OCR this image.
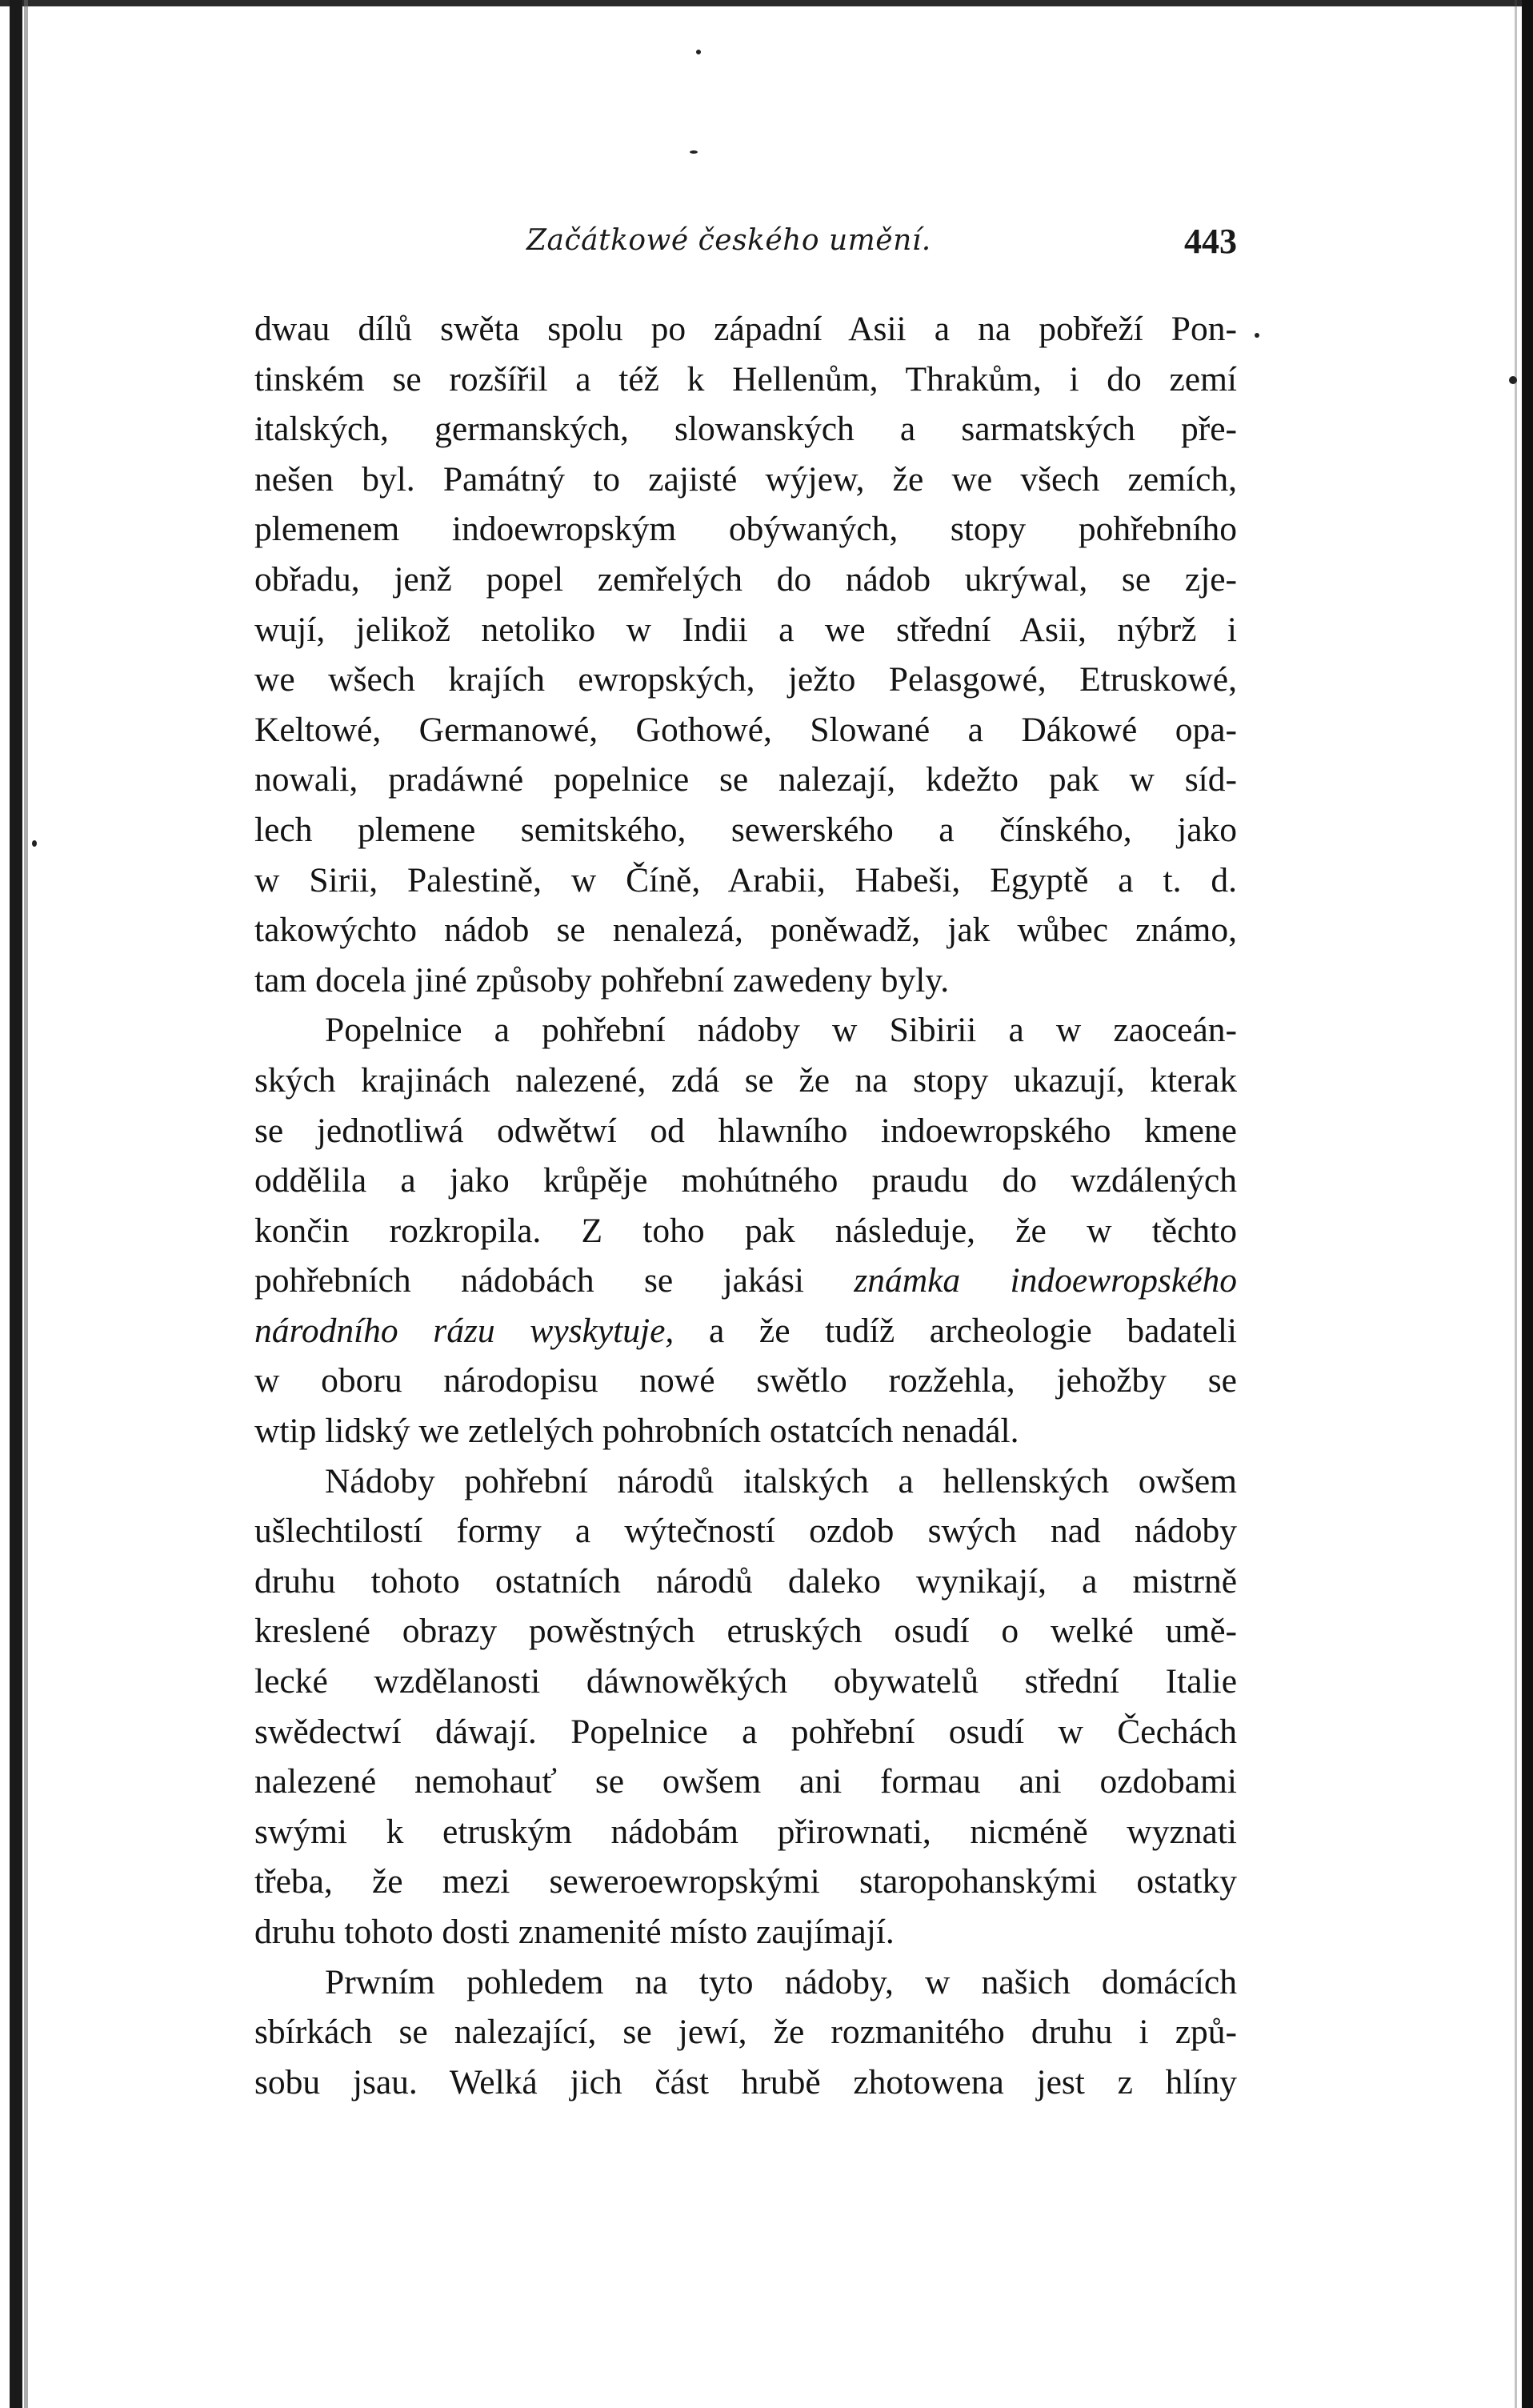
Začátkowé českého umění.	443
dwau dílů swěta spolu po západní Asii a na pobřeží Pon-
tinském se rozšířil a též k Hellenům, Thrakům, i do zemí
italských, germanských, slowanských a sarmatských pře-
nešen byl. Památný to zajisté wýjew, že we všech zemích,
plemenem indoewropským obýwaných, stopy pohřebního
obřadu, jenž popel zemřelých do nádob ukrýwal, se zje-
wují, jelikož netoliko w Indii a we střední Asii, nýbrž i
we wšech krajích ewropských, ježto Pelasgowé, Etruskowé,
Keltowé, Germanowé, Gothowé, Slowané a Dákowé opa-
nowali, pradáwné popelnice se nalezají, kdežto pak w síd-
lech plemene semitského, sewerského a čínského, jako
w Sirii, Palestině, w Číně, Arabii, Habeši, Egyptě a t. d.
takowýchto nádob se nenalezá, poněwadž, jak wůbec známo,
tam docela jiné způsoby pohřební zawedeny byly.
Popelnice a pohřební nádoby w Sibirii a w zaoceán-
ských krajinách nalezené, zdá se že na stopy ukazují, kterak
se jednotliwá odwětwí od hlawního indoewropského kmene
oddělila a jako krůpěje mohútného praudu do wzdálených
končin rozkropila. Z toho pak následuje, že w těchto
pohřebních nádobách se jakási známka indoewropského
národního rázu wyskytuje, a že tudíž archeologie badateli
w oboru národopisu nowé swětlo rozžehla, jehožby se
wtip lidský we zetlelých pohrobních ostatcích nenadál.
Nádoby pohřební národů italských a hellenských owšem
ušlechtilostí formy a wýtečností ozdob swých nad nádoby
druhu tohoto ostatních národů daleko wynikají, a mistrně
kreslené obrazy powěstných etruských osudí o welké umě-
lecké wzdělanosti dáwnowěkých obywatelů střední Italie
swědectwí dáwají. Popelnice a pohřební osudí w Čechách
nalezené nemohauť se owšem ani formau ani ozdobami
swými k etruským nádobám přirownati, nicméně wyznati
třeba, že mezi seweroewropskými staropohanskými ostatky
druhu tohoto dosti znamenité místo zaujímají.
Prwním pohledem na tyto nádoby, w našich domácích
sbírkách se nalezající, se jewí, že rozmanitého druhu i způ-
sobu jsau. Welká jich část hrubě zhotowena jest z hlíny
